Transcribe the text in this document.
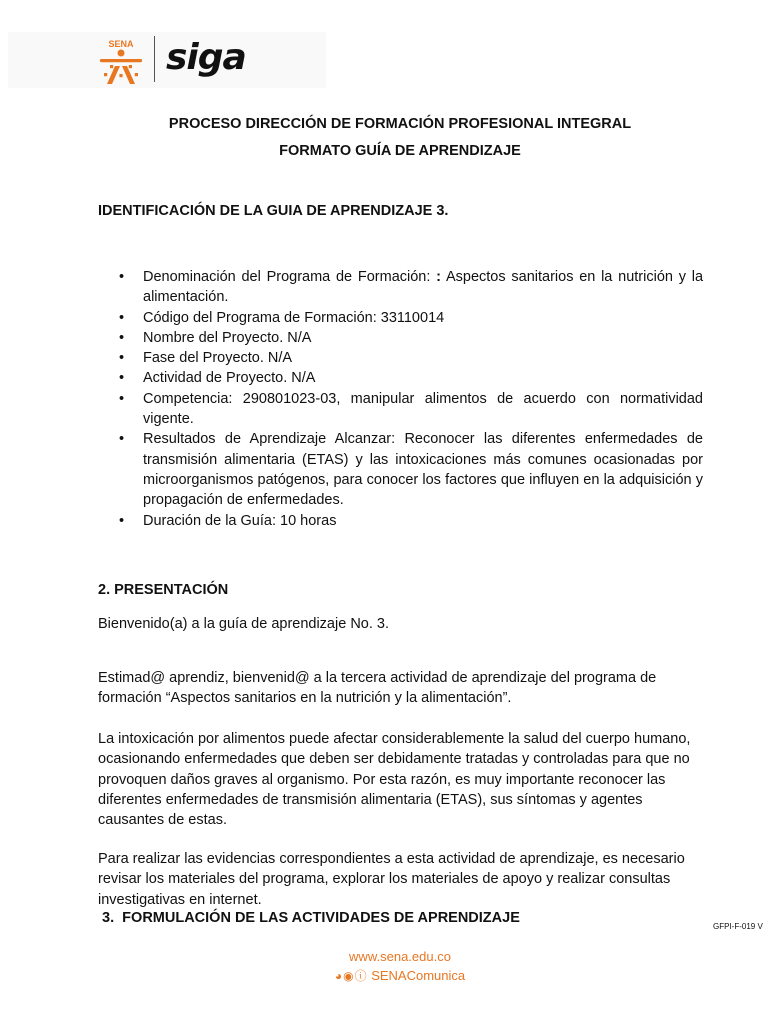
SENA siga
PROCESO DIRECCIÓN DE FORMACIÓN PROFESIONAL INTEGRAL
FORMATO GUÍA DE APRENDIZAJE
IDENTIFICACIÓN DE LA GUIA DE APRENDIZAJE 3.
• Denominación del Programa de Formación: : Aspectos sanitarios en la nutrición y la alimentación.
• Código del Programa de Formación: 33110014
• Nombre del Proyecto. N/A
• Fase del Proyecto. N/A
• Actividad de Proyecto. N/A
• Competencia: 290801023-03, manipular alimentos de acuerdo con normatividad vigente.
• Resultados de Aprendizaje Alcanzar: Reconocer las diferentes enfermedades de transmisión alimentaria (ETAS) y las intoxicaciones más comunes ocasionadas por microorganismos patógenos, para conocer los factores que influyen en la adquisición y propagación de enfermedades.
• Duración de la Guía: 10 horas
2. PRESENTACIÓN

Bienvenido(a) a la guía de aprendizaje No. 3.

Estimad@ aprendiz, bienvenid@ a la tercera actividad de aprendizaje del programa de formación “Aspectos sanitarios en la nutrición y la alimentación”.

La intoxicación por alimentos puede afectar considerablemente la salud del cuerpo humano, ocasionando enfermedades que deben ser debidamente tratadas y controladas para que no provoquen daños graves al organismo. Por esta razón, es muy importante reconocer las diferentes enfermedades de transmisión alimentaria (ETAS), sus síntomas y agentes causantes de estas.

Para realizar las evidencias correspondientes a esta actividad de aprendizaje, es necesario revisar los materiales del programa, explorar los materiales de apoyo y realizar consultas investigativas en internet.

3.  FORMULACIÓN DE LAS ACTIVIDADES DE APRENDIZAJE
GFPI-F-019 V
www.sena.edu.co
◕◉ⓘ SENAComunica
